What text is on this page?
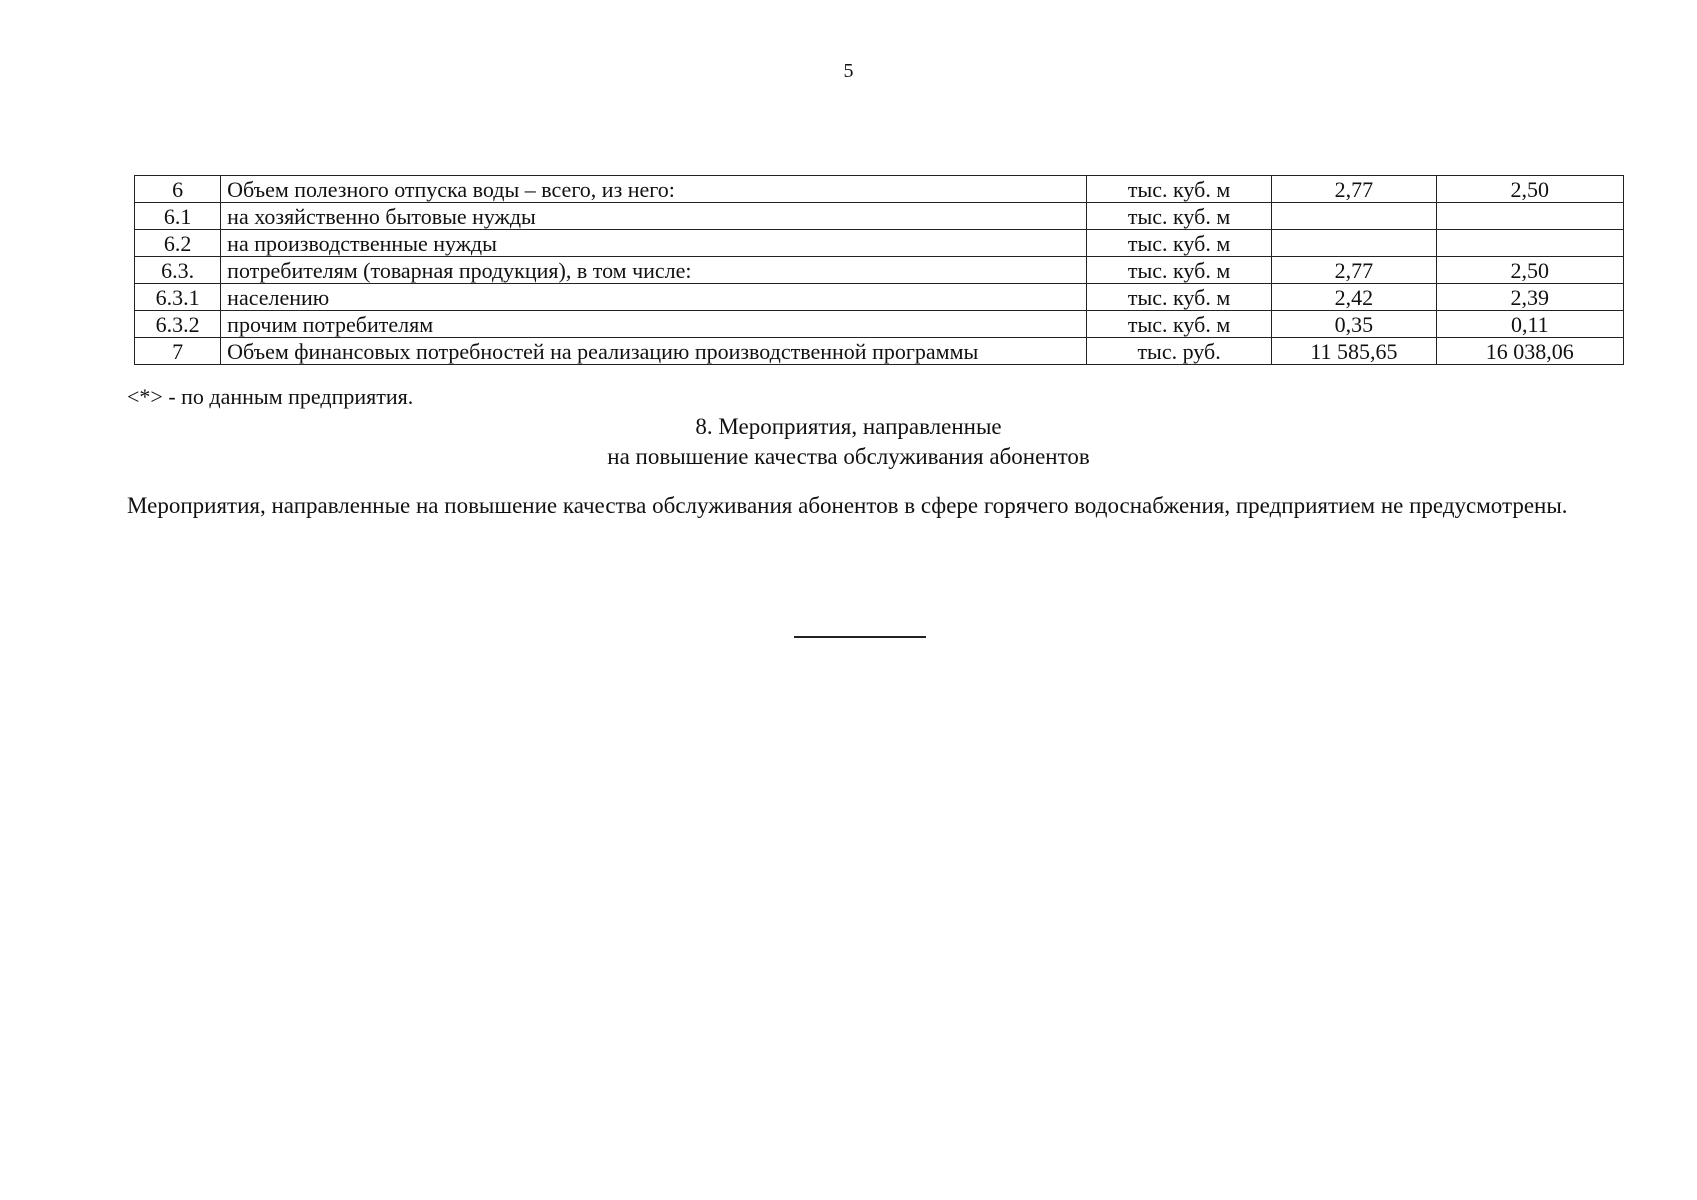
5
6	Объем полезного отпуска воды – всего, из него:	тыс. куб. м	2,77	2,50
6.1	на хозяйственно бытовые нужды	тыс. куб. м		
6.2	на производственные нужды	тыс. куб. м		
6.3.	потребителям (товарная продукция), в том числе:	тыс. куб. м	2,77	2,50
6.3.1	населению	тыс. куб. м	2,42	2,39
6.3.2	прочим потребителям	тыс. куб. м	0,35	0,11
7	Объем финансовых потребностей на реализацию производственной программы	тыс. руб.	11 585,65	16 038,06
<*> - по данным предприятия.
8. Мероприятия, направленные
на повышение качества обслуживания абонентов
Мероприятия, направленные на повышение качества обслуживания абонентов в сфере горячего водоснабжения, предприятием не предусмотрены.
